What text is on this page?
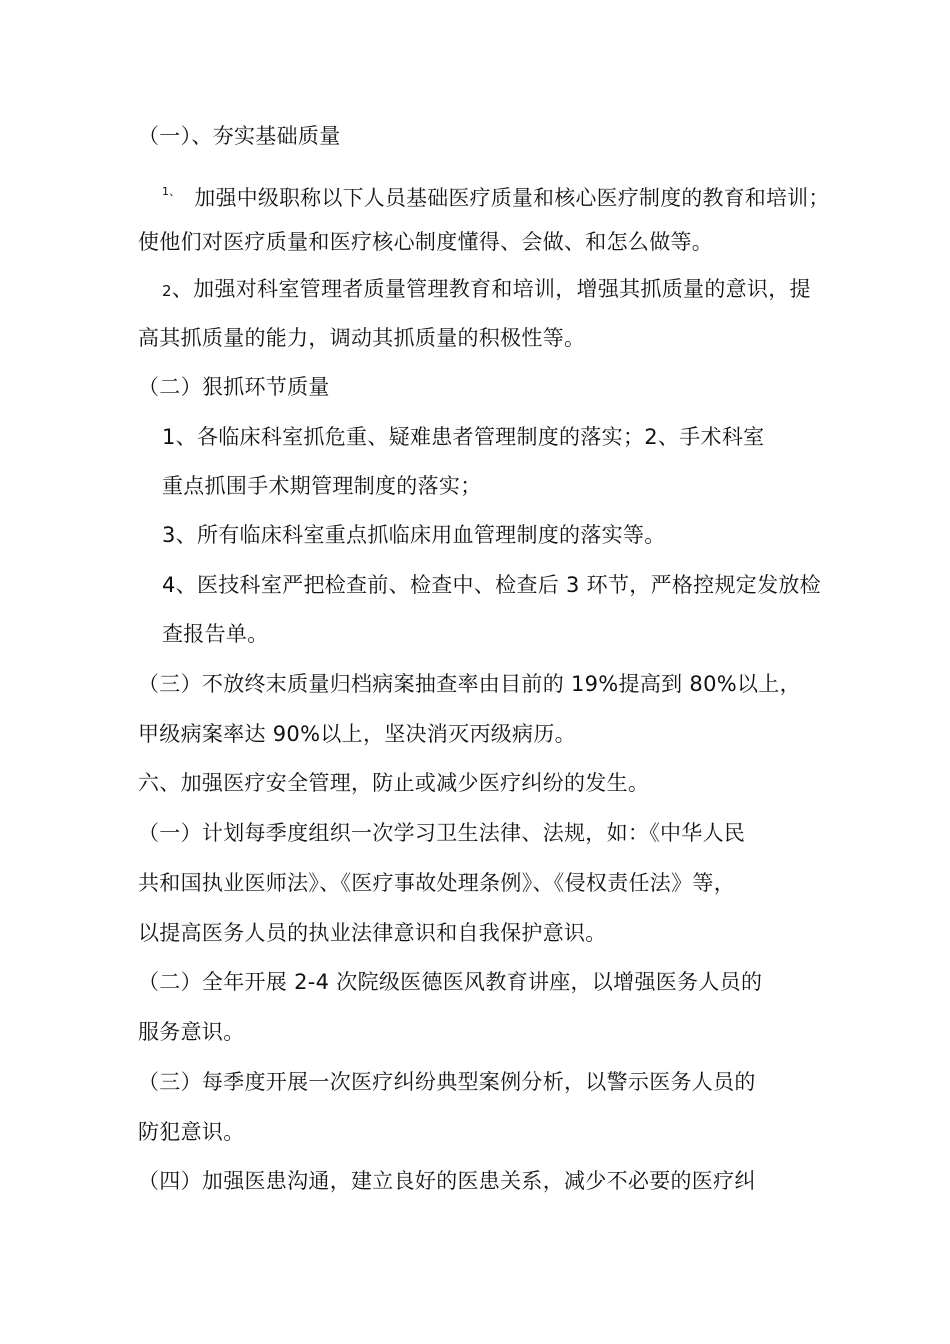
（一）、夯实基础质量
$^{1、}$ 加强中级职称以下人员基础医疗质量和核心医疗制度的教育和培训；
使他们对医疗质量和医疗核心制度懂得、会做、和怎么做等。
2、加强对科室管理者质量管理教育和培训，增强其抓质量的意识，提
高其抓质量的能力，调动其抓质量的积极性等。
（二）狠抓环节质量
1、各临床科室抓危重、疑难患者管理制度的落实；2、手术科室
重点抓围手术期管理制度的落实；
3、所有临床科室重点抓临床用血管理制度的落实等。
4、医技科室严把检查前、检查中、检查后 3 环节，严格控规定发放检
查报告单。
（三）不放终末质量归档病案抽查率由目前的 19%提高到 80%以上，
甲级病案率达 90%以上，坚决消灭丙级病历。
六、加强医疗安全管理，防止或减少医疗纠纷的发生。
（一）计划每季度组织一次学习卫生法律、法规，如：《中华人民
共和国执业医师法》、《医疗事故处理条例》、《侵权责任法》等，
以提高医务人员的执业法律意识和自我保护意识。
（二）全年开展 2-4 次院级医德医风教育讲座，以增强医务人员的
服务意识。
（三）每季度开展一次医疗纠纷典型案例分析，以警示医务人员的
防犯意识。
（四）加强医患沟通，建立良好的医患关系，减少不必要的医疗纠
